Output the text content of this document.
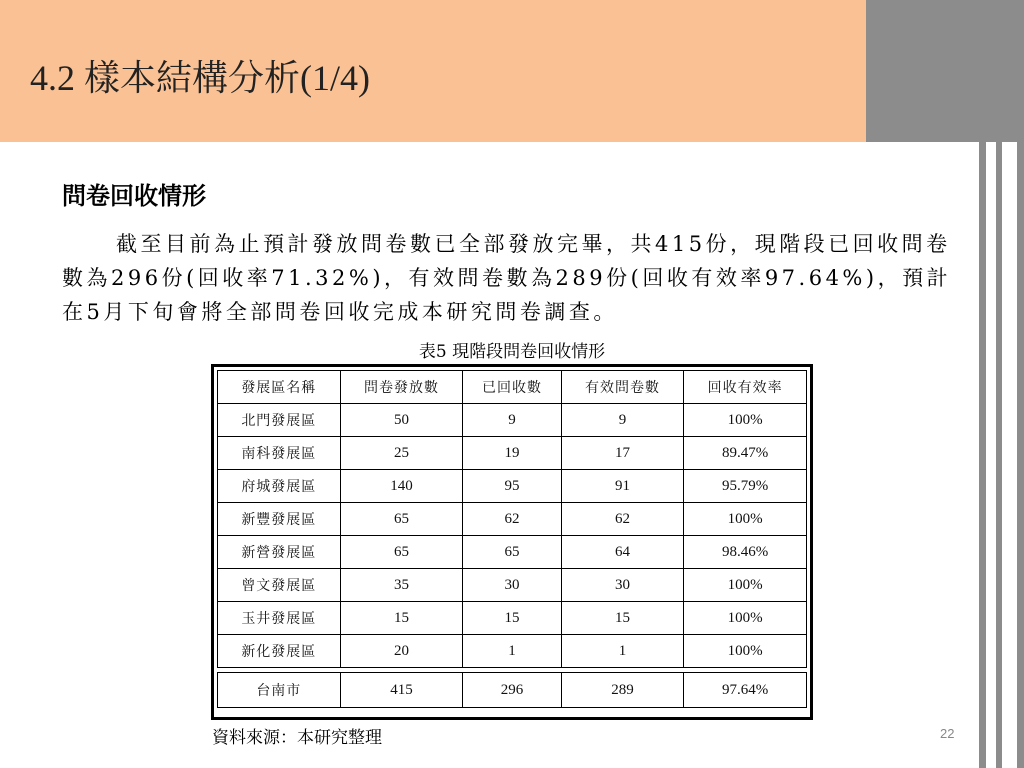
4.2 樣本結構分析(1/4)
問卷回收情形
截至目前為止預計發放問卷數已全部發放完畢，共415份，現階段已回收問卷數為296份(回收率71.32%)，有效問卷數為289份(回收有效率97.64%)，預計在5月下旬會將全部問卷回收完成本研究問卷調查。
表5 現階段問卷回收情形
發展區名稱	問卷發放數	已回收數	有效問卷數	回收有效率
北門發展區	50	9	9	100%
南科發展區	25	19	17	89.47%
府城發展區	140	95	91	95.79%
新豐發展區	65	62	62	100%
新營發展區	65	65	64	98.46%
曾文發展區	35	30	30	100%
玉井發展區	15	15	15	100%
新化發展區	20	1	1	100%

台南市	415	296	289	97.64%
資料來源：本研究整理	22
